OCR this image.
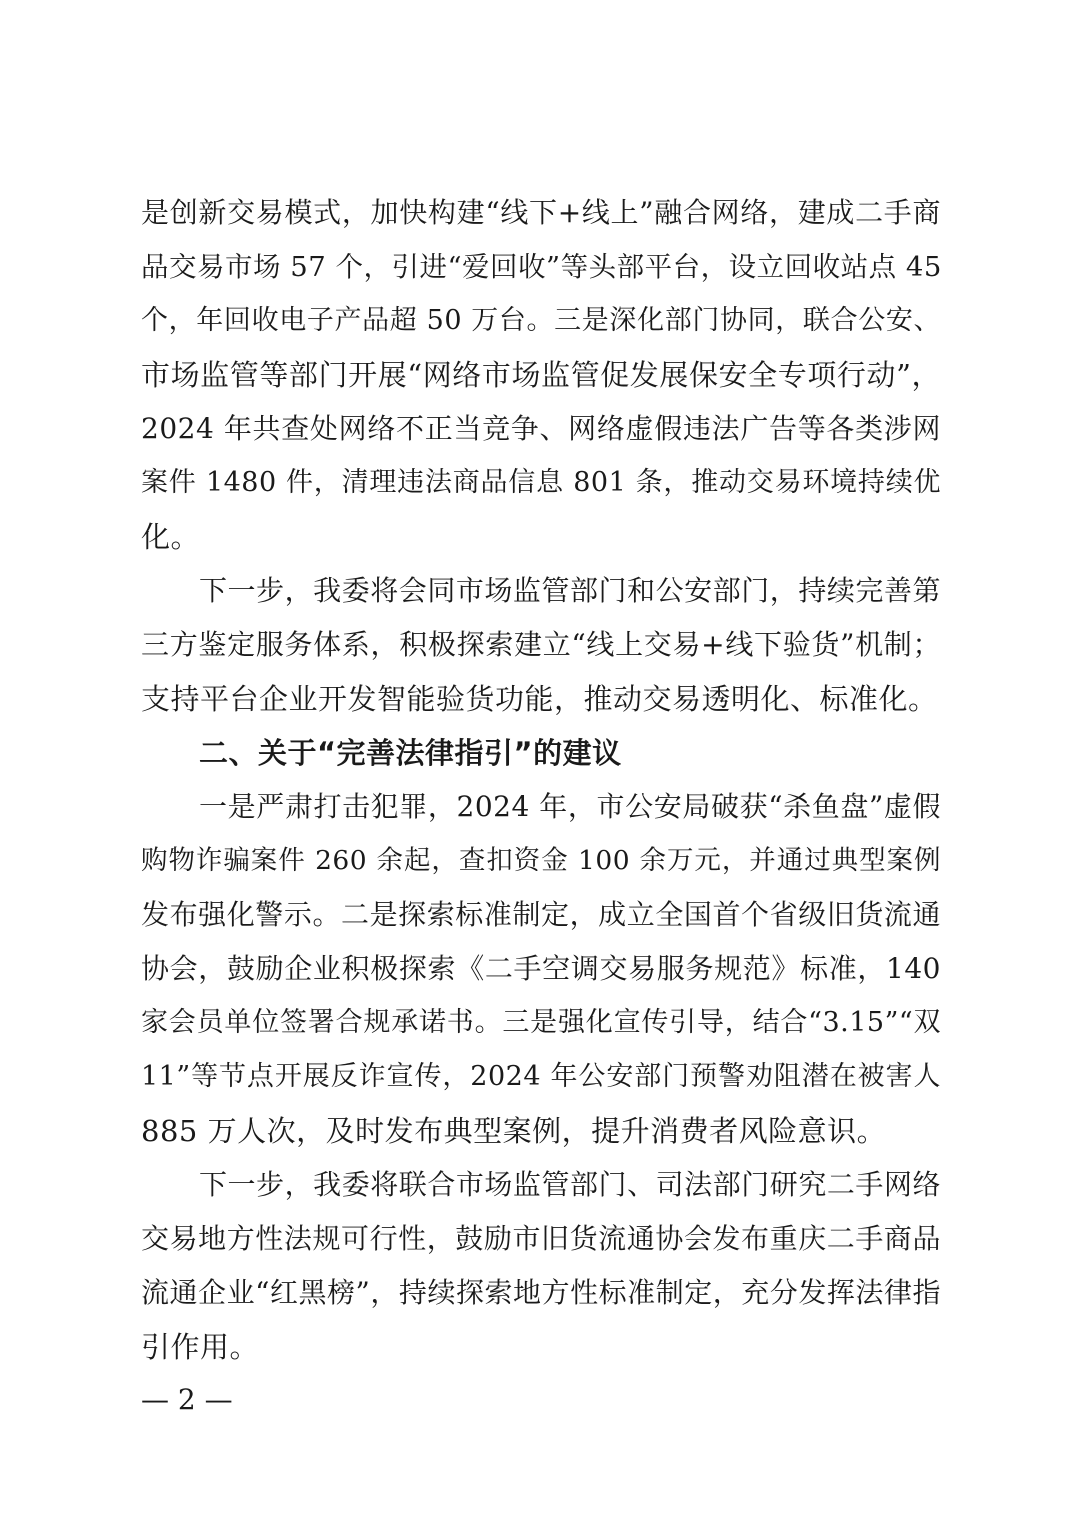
是创新交易模式，加快构建“线下+线上”融合网络，建成二手商
品交易市场 57 个，引进“爱回收”等头部平台，设立回收站点 45
个，年回收电子产品超 50 万台。三是深化部门协同，联合公安、
市场监管等部门开展“网络市场监管促发展保安全专项行动”，
2024 年共查处网络不正当竞争、网络虚假违法广告等各类涉网
案件 1480 件，清理违法商品信息 801 条，推动交易环境持续优
化。
下一步，我委将会同市场监管部门和公安部门，持续完善第
三方鉴定服务体系，积极探索建立“线上交易+线下验货”机制；
支持平台企业开发智能验货功能，推动交易透明化、标准化。
二、关于“完善法律指引”的建议
一是严肃打击犯罪，2024 年，市公安局破获“杀鱼盘”虚假
购物诈骗案件 260 余起，查扣资金 100 余万元，并通过典型案例
发布强化警示。二是探索标准制定，成立全国首个省级旧货流通
协会，鼓励企业积极探索《二手空调交易服务规范》标准，140
家会员单位签署合规承诺书。三是强化宣传引导，结合“3.15”“双
11”等节点开展反诈宣传，2024 年公安部门预警劝阻潜在被害人
885 万人次，及时发布典型案例，提升消费者风险意识。
下一步，我委将联合市场监管部门、司法部门研究二手网络
交易地方性法规可行性，鼓励市旧货流通协会发布重庆二手商品
流通企业“红黑榜”，持续探索地方性标准制定，充分发挥法律指
引作用。
— 2 —
